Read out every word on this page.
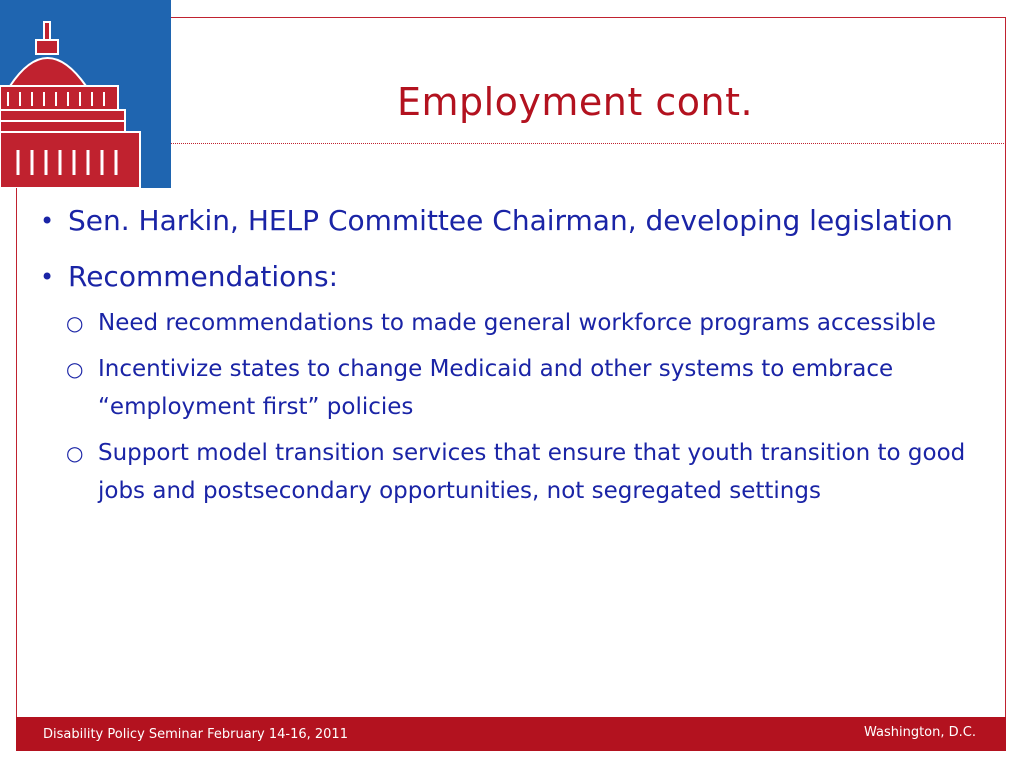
Employment cont.
• Sen. Harkin, HELP Committee Chairman, developing legislation
• Recommendations:
○ Need recommendations to made general workforce programs accessible
○ Incentivize states to change Medicaid and other systems to embrace “employment first” policies
○ Support model transition services that ensure that youth transition to good jobs and postsecondary opportunities, not segregated settings
Disability Policy Seminar February 14-16, 2011	Washington, D.C.
